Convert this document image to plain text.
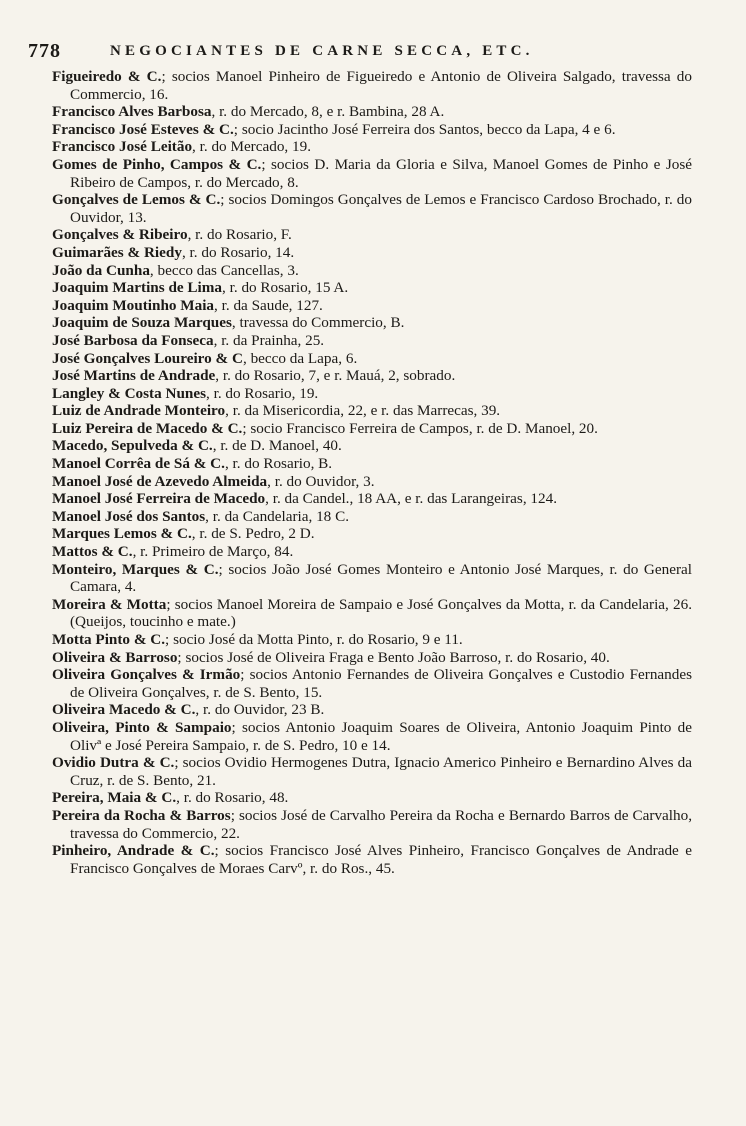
778	NEGOCIANTES DE CARNE SECCA, ETC.

Figueiredo & C.; socios Manoel Pinheiro de Figueiredo e Antonio de Oliveira Salgado, travessa do Commercio, 16.

Francisco Alves Barbosa, r. do Mercado, 8, e r. Bambina, 28 A.

Francisco José Esteves & C.; socio Jacintho José Ferreira dos Santos, becco da Lapa, 4 e 6.

Francisco José Leitão, r. do Mercado, 19.

Gomes de Pinho, Campos & C.; socios D. Maria da Gloria e Silva, Manoel Gomes de Pinho e José Ribeiro de Campos, r. do Mercado, 8.

Gonçalves de Lemos & C.; socios Domingos Gonçalves de Lemos e Francisco Cardoso Brochado, r. do Ouvidor, 13.

Gonçalves & Ribeiro, r. do Rosario, F.

Guimarães & Riedy, r. do Rosario, 14.

João da Cunha, becco das Cancellas, 3.

Joaquim Martins de Lima, r. do Rosario, 15 A.

Joaquim Moutinho Maia, r. da Saude, 127.

Joaquim de Souza Marques, travessa do Commercio, B.

José Barbosa da Fonseca, r. da Prainha, 25.

José Gonçalves Loureiro & C, becco da Lapa, 6.

José Martins de Andrade, r. do Rosario, 7, e r. Mauá, 2, sobrado.

Langley & Costa Nunes, r. do Rosario, 19.

Luiz de Andrade Monteiro, r. da Misericordia, 22, e r. das Marrecas, 39.

Luiz Pereira de Macedo & C.; socio Francisco Ferreira de Campos, r. de D. Manoel, 20.

Macedo, Sepulveda & C., r. de D. Manoel, 40.

Manoel Corrêa de Sá & C., r. do Rosario, B.

Manoel José de Azevedo Almeida, r. do Ouvidor, 3.

Manoel José Ferreira de Macedo, r. da Candel., 18 AA, e r. das Larangeiras, 124.

Manoel José dos Santos, r. da Candelaria, 18 C.

Marques Lemos & C., r. de S. Pedro, 2 D.

Mattos & C., r. Primeiro de Março, 84.

Monteiro, Marques & C.; socios João José Gomes Monteiro e Antonio José Marques, r. do General Camara, 4.

Moreira & Motta; socios Manoel Moreira de Sampaio e José Gonçalves da Motta, r. da Candelaria, 26. (Queijos, toucinho e mate.)

Motta Pinto & C.; socio José da Motta Pinto, r. do Rosario, 9 e 11.

Oliveira & Barroso; socios José de Oliveira Fraga e Bento João Barroso, r. do Rosario, 40.

Oliveira Gonçalves & Irmão; socios Antonio Fernandes de Oliveira Gonçalves e Custodio Fernandes de Oliveira Gonçalves, r. de S. Bento, 15.

Oliveira Macedo & C., r. do Ouvidor, 23 B.

Oliveira, Pinto & Sampaio; socios Antonio Joaquim Soares de Oliveira, Antonio Joaquim Pinto de Olivª e José Pereira Sampaio, r. de S. Pedro, 10 e 14.

Ovidio Dutra & C.; socios Ovidio Hermogenes Dutra, Ignacio Americo Pinheiro e Bernardino Alves da Cruz, r. de S. Bento, 21.

Pereira, Maia & C., r. do Rosario, 48.

Pereira da Rocha & Barros; socios José de Carvalho Pereira da Rocha e Bernardo Barros de Carvalho, travessa do Commercio, 22.

Pinheiro, Andrade & C.; socios Francisco José Alves Pinheiro, Francisco Gonçalves de Andrade e Francisco Gonçalves de Moraes Carvº, r. do Ros., 45.
